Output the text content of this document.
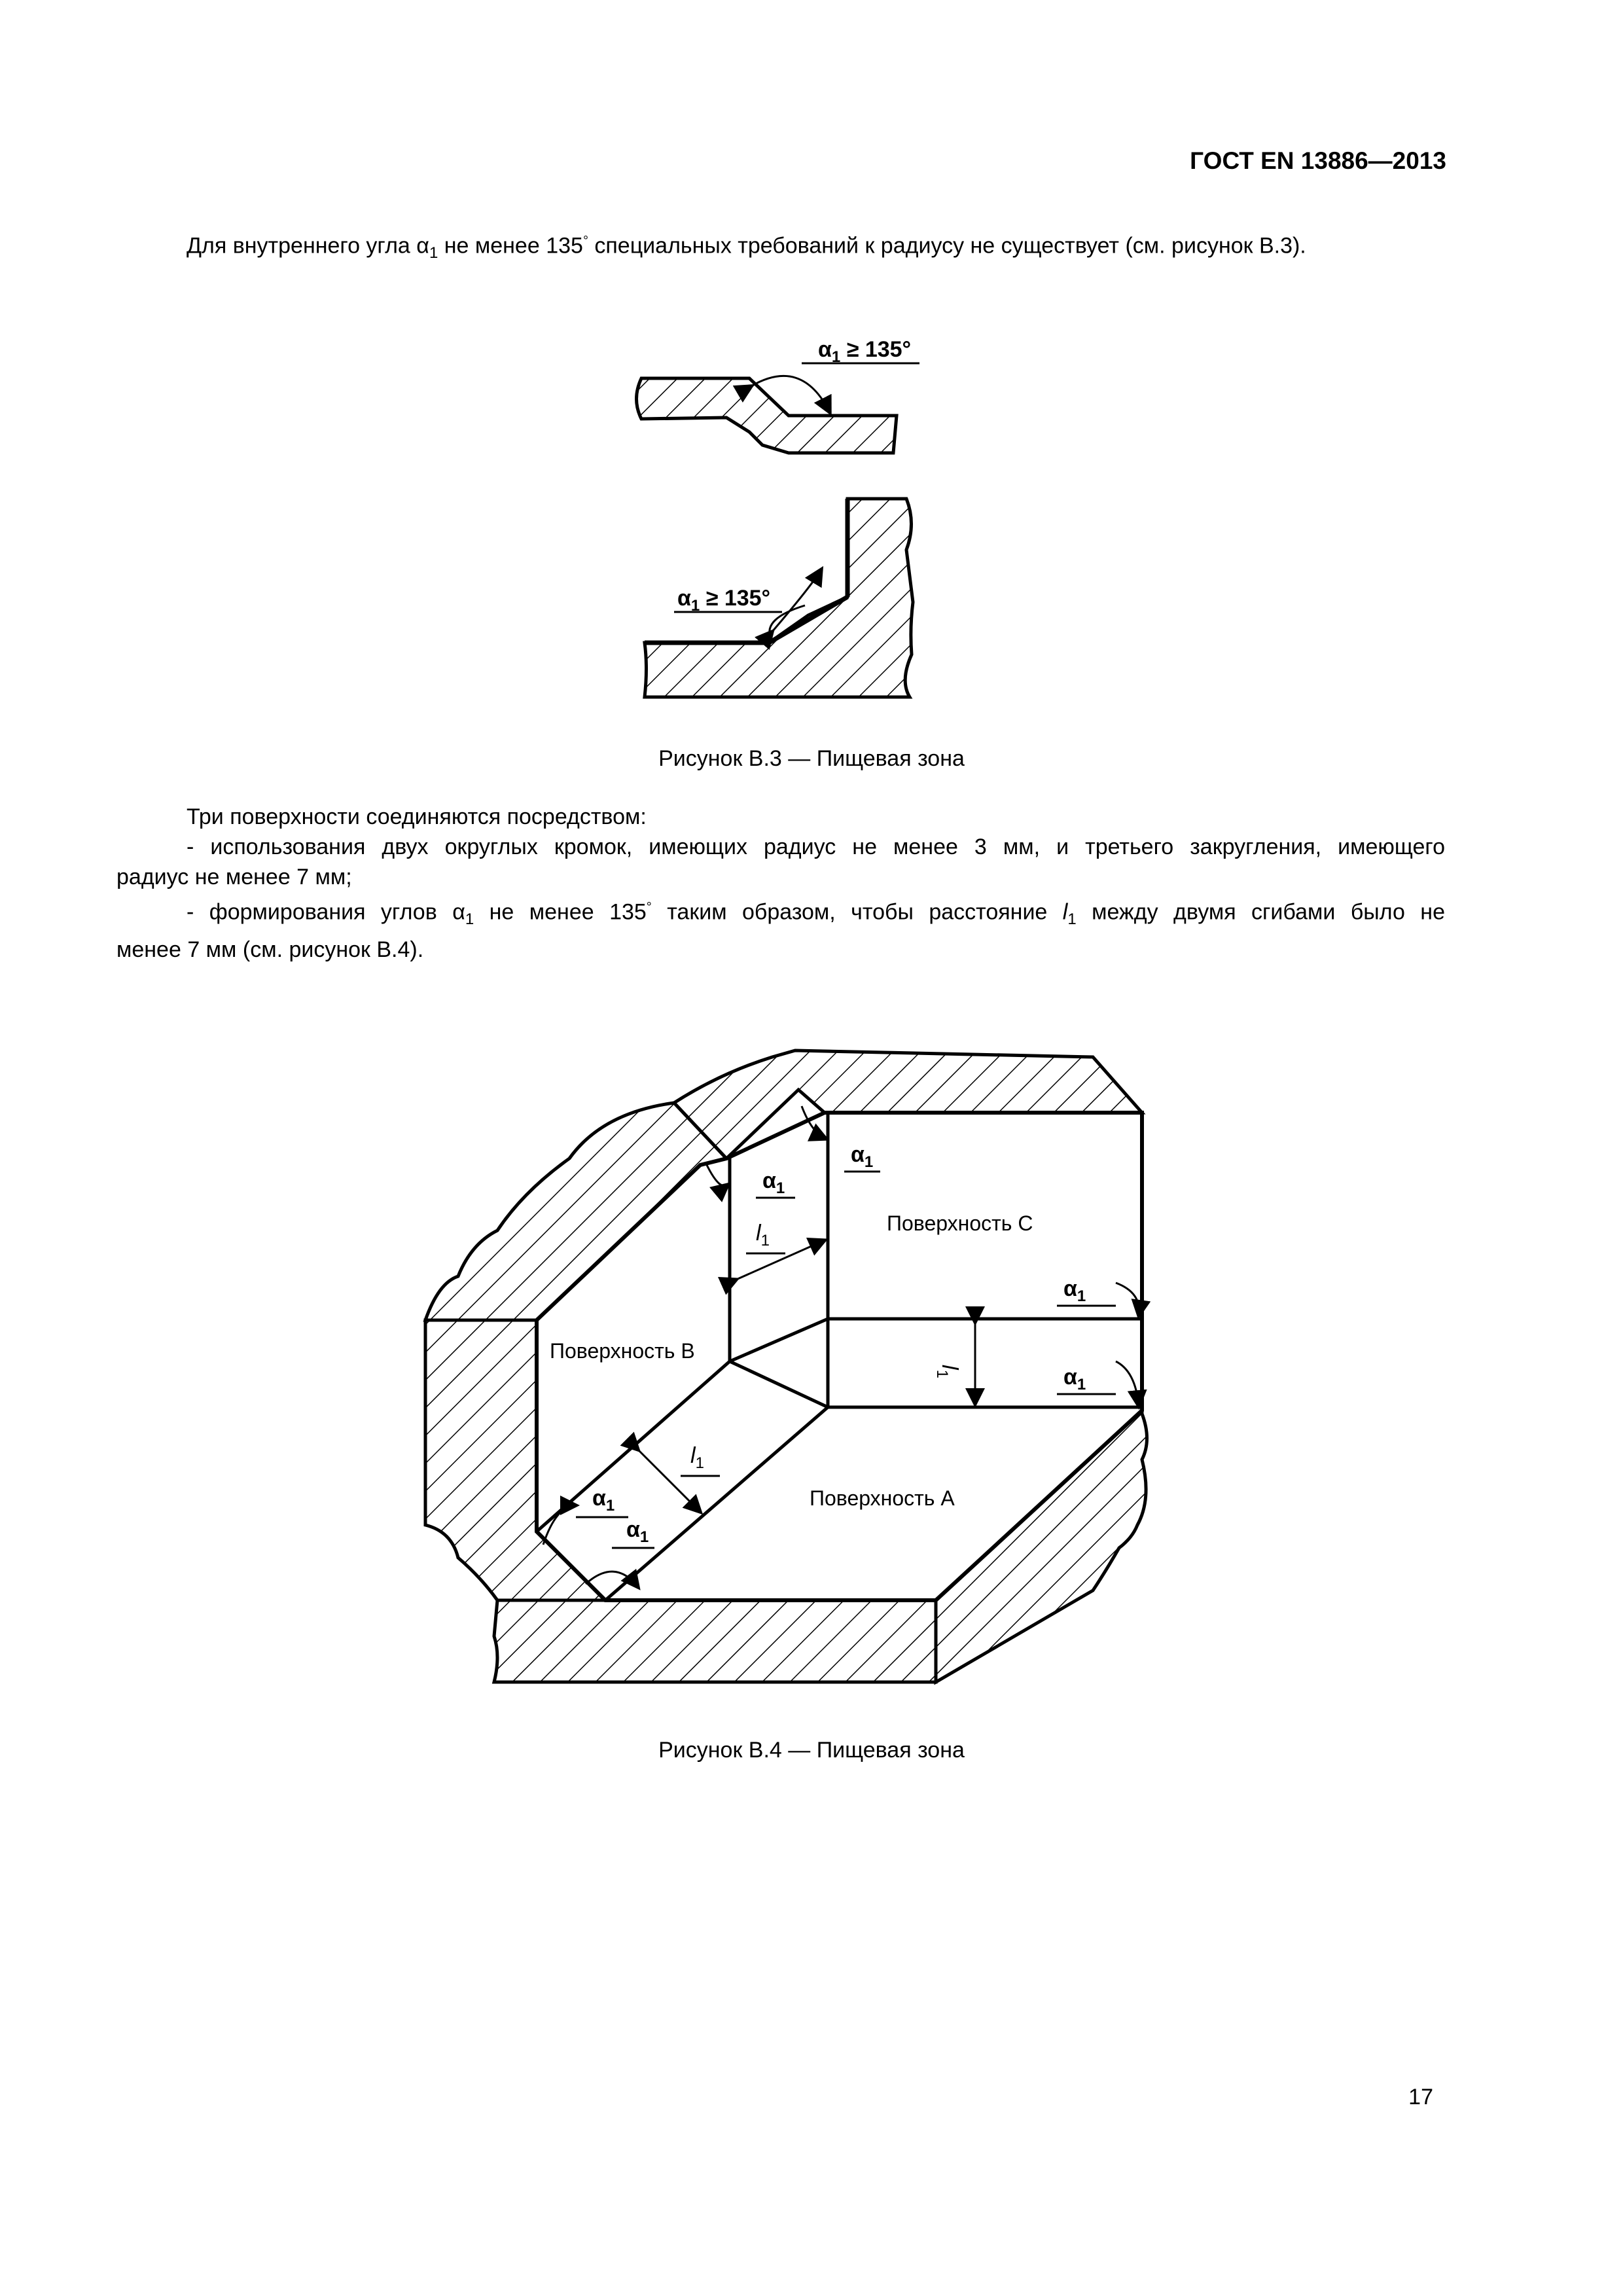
ГОСТ EN 13886—2013
Для внутреннего угла $\alpha_1$ не менее 135° специальных требований к радиусу не существует (см. рисунок В.3).
$\alpha_1 \ge 135^\circ$
$\alpha_1 \ge 135^\circ$
Рисунок В.3 — Пищевая зона
Три поверхности соединяются посредством:
- использования двух округлых кромок, имеющих радиус не менее 3 мм, и третьего закругления, имеющего
радиус не менее 7 мм;
- формирования углов $\alpha_1$ не менее 135° таким образом, чтобы расстояние $l_1$ между двумя сгибами было не
менее 7 мм (см. рисунок В.4).
Поверхность С
Поверхность В
Поверхность А
$\alpha_1$
$\alpha_1$
$\alpha_1$
$\alpha_1$
$\alpha_1$
$\alpha_1$
$l_1$
$l_1$
$l_1$
Рисунок В.4 — Пищевая зона
17
